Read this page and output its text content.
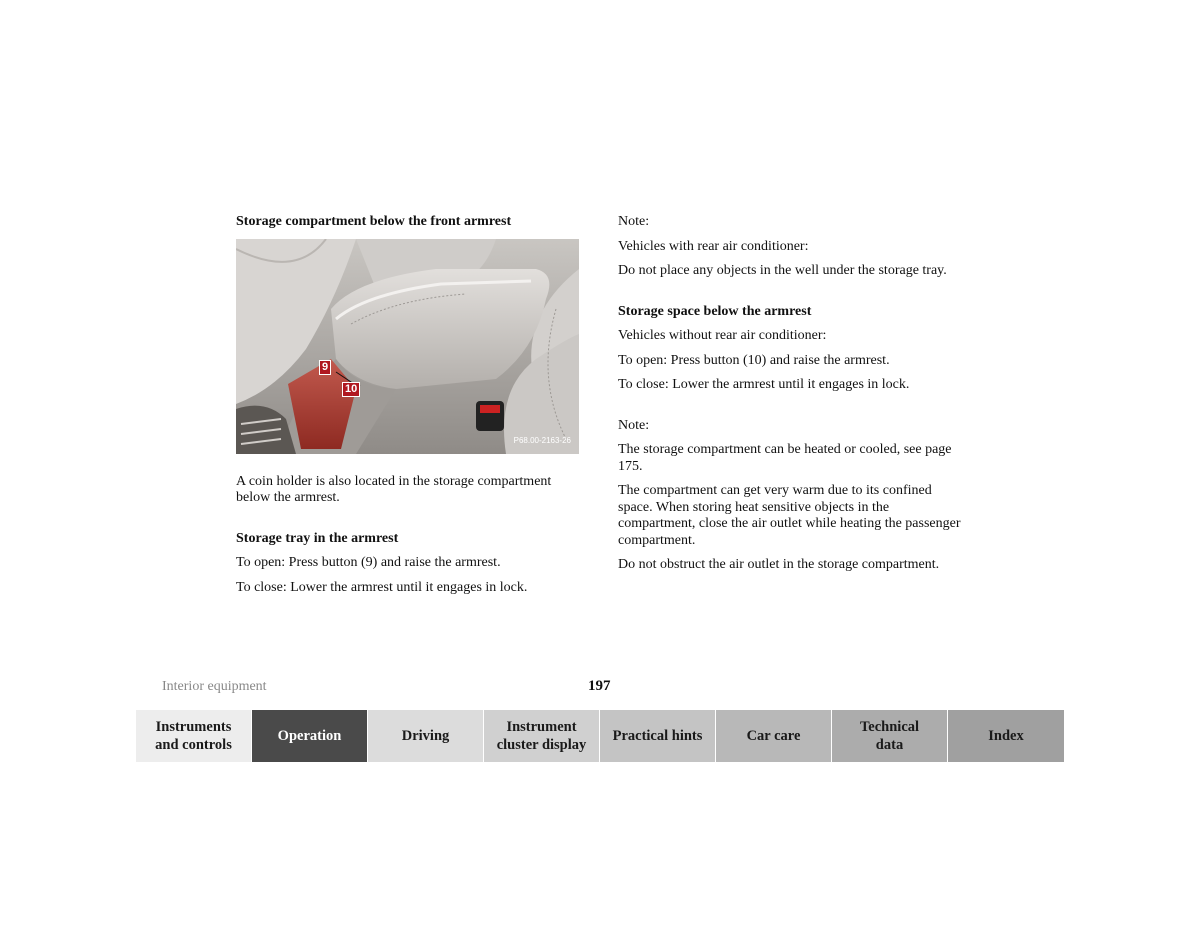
Storage compartment below the front armrest
9
10
P68.00-2163-26
A coin holder is also located in the storage compartment below the armrest.
Storage tray in the armrest
To open: Press button (9) and raise the armrest.
To close: Lower the armrest until it engages in lock.
Note:
Vehicles with rear air conditioner:
Do not place any objects in the well under the storage tray.
Storage space below the armrest
Vehicles without rear air conditioner:
To open: Press button (10) and raise the armrest.
To close: Lower the armrest until it engages in lock.
Note:
The storage compartment can be heated or cooled, see page 175.
The compartment can get very warm due to its confined space. When storing heat sensitive objects in the compartment, close the air outlet while heating the passenger compartment.
Do not obstruct the air outlet in the storage compartment.
Interior equipment	197
Instruments
and controls
Operation	Driving
Instrument
cluster display
Practical hints	Car care
Technical
data
Index
